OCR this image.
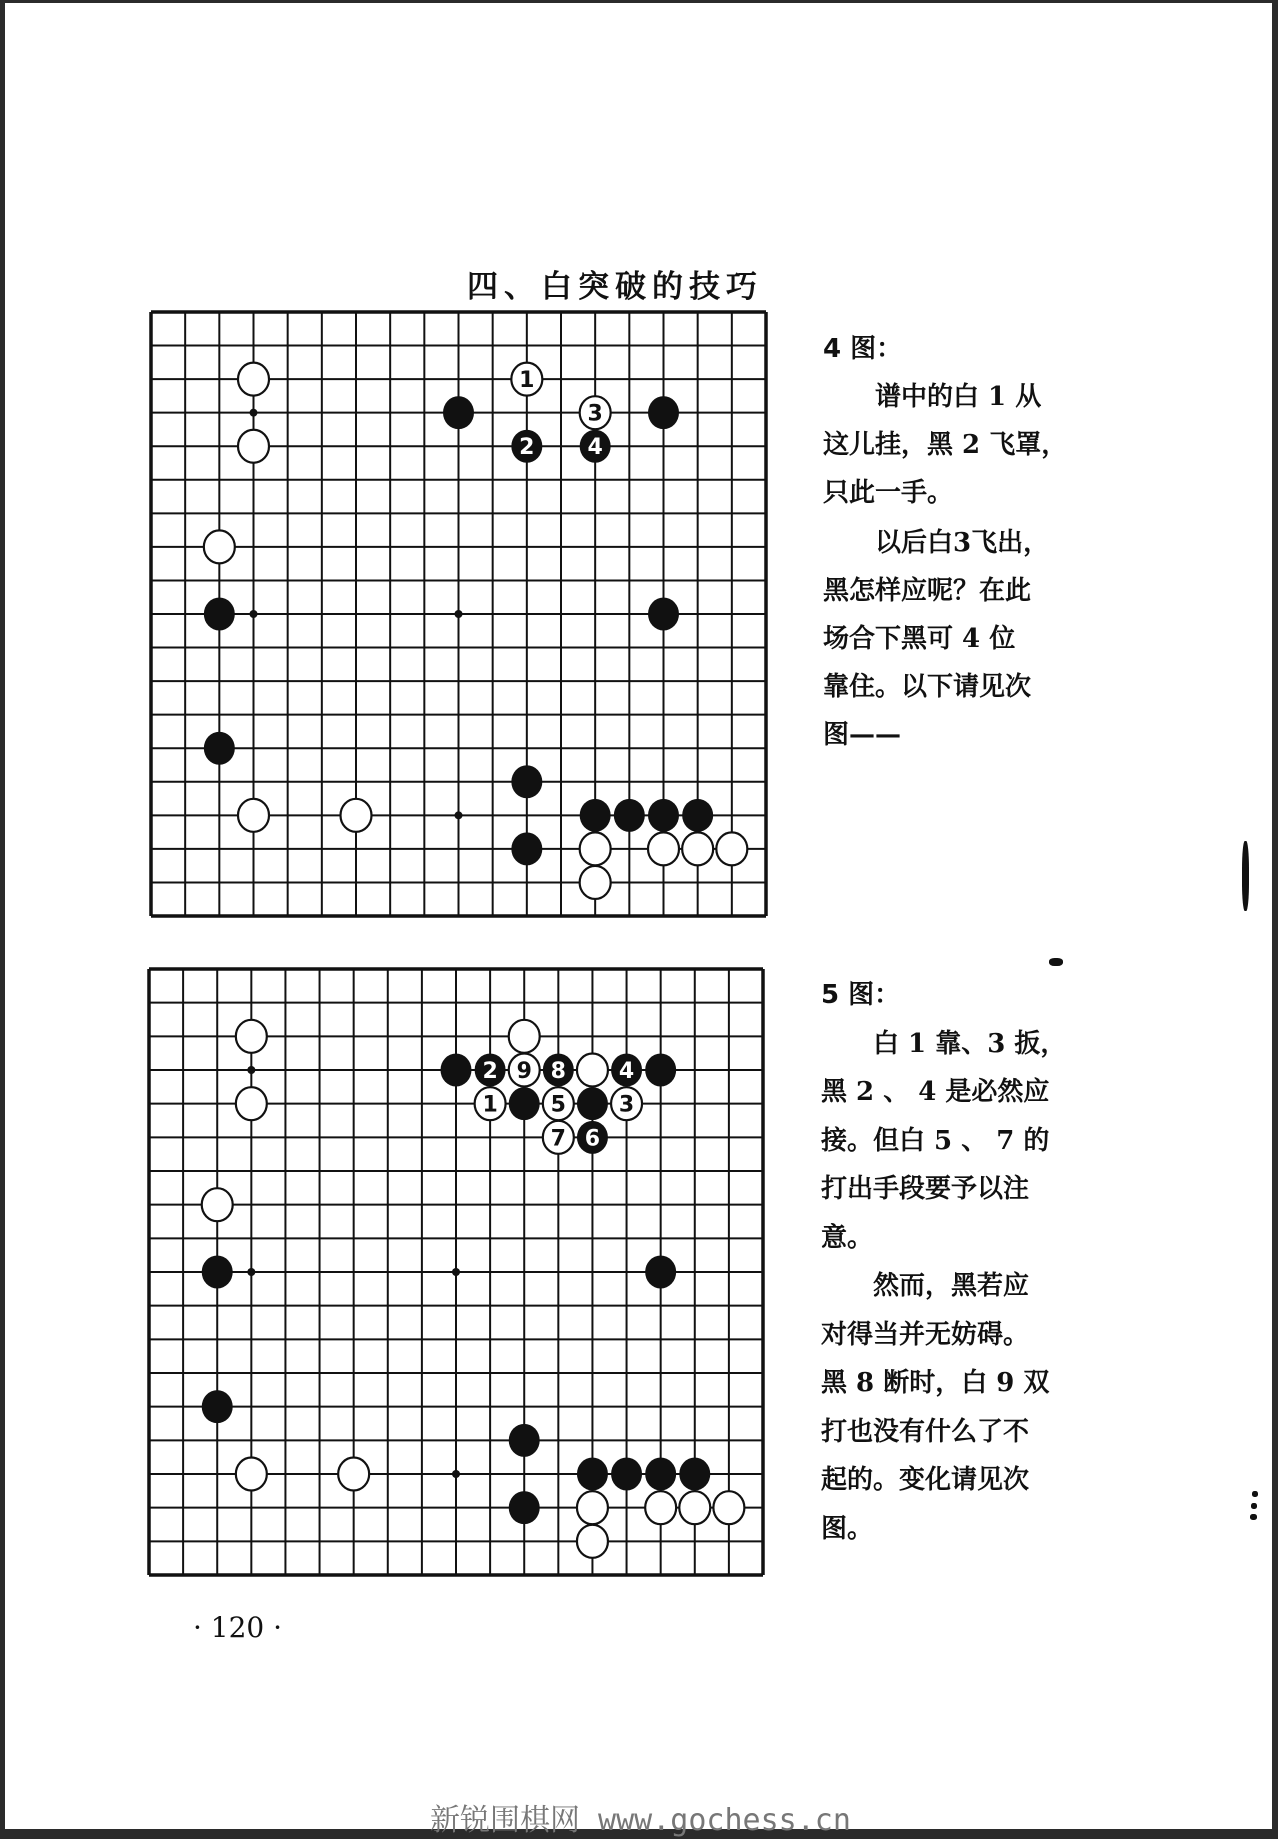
四、白突破的技巧
1
2
3
4
4 图：
谱中的白 1 从
这儿挂，黑 2 飞罩，
只此一手。
以后白3飞出，
黑怎样应呢？在此
场合下黑可 4 位
靠住。以下请见次
图——
2 9 8 4
1 5 3
7 6
5 图：
白 1 靠、3 扳，
黑 2 、 4 是必然应
接。但白 5 、 7 的
打出手段要予以注
意。
然而，黑若应
对得当并无妨碍。
黑 8 断时，白 9 双
打也没有什么了不
起的。变化请见次
图。
· 120 ·
新锐围棋网 www.gochess.cn
